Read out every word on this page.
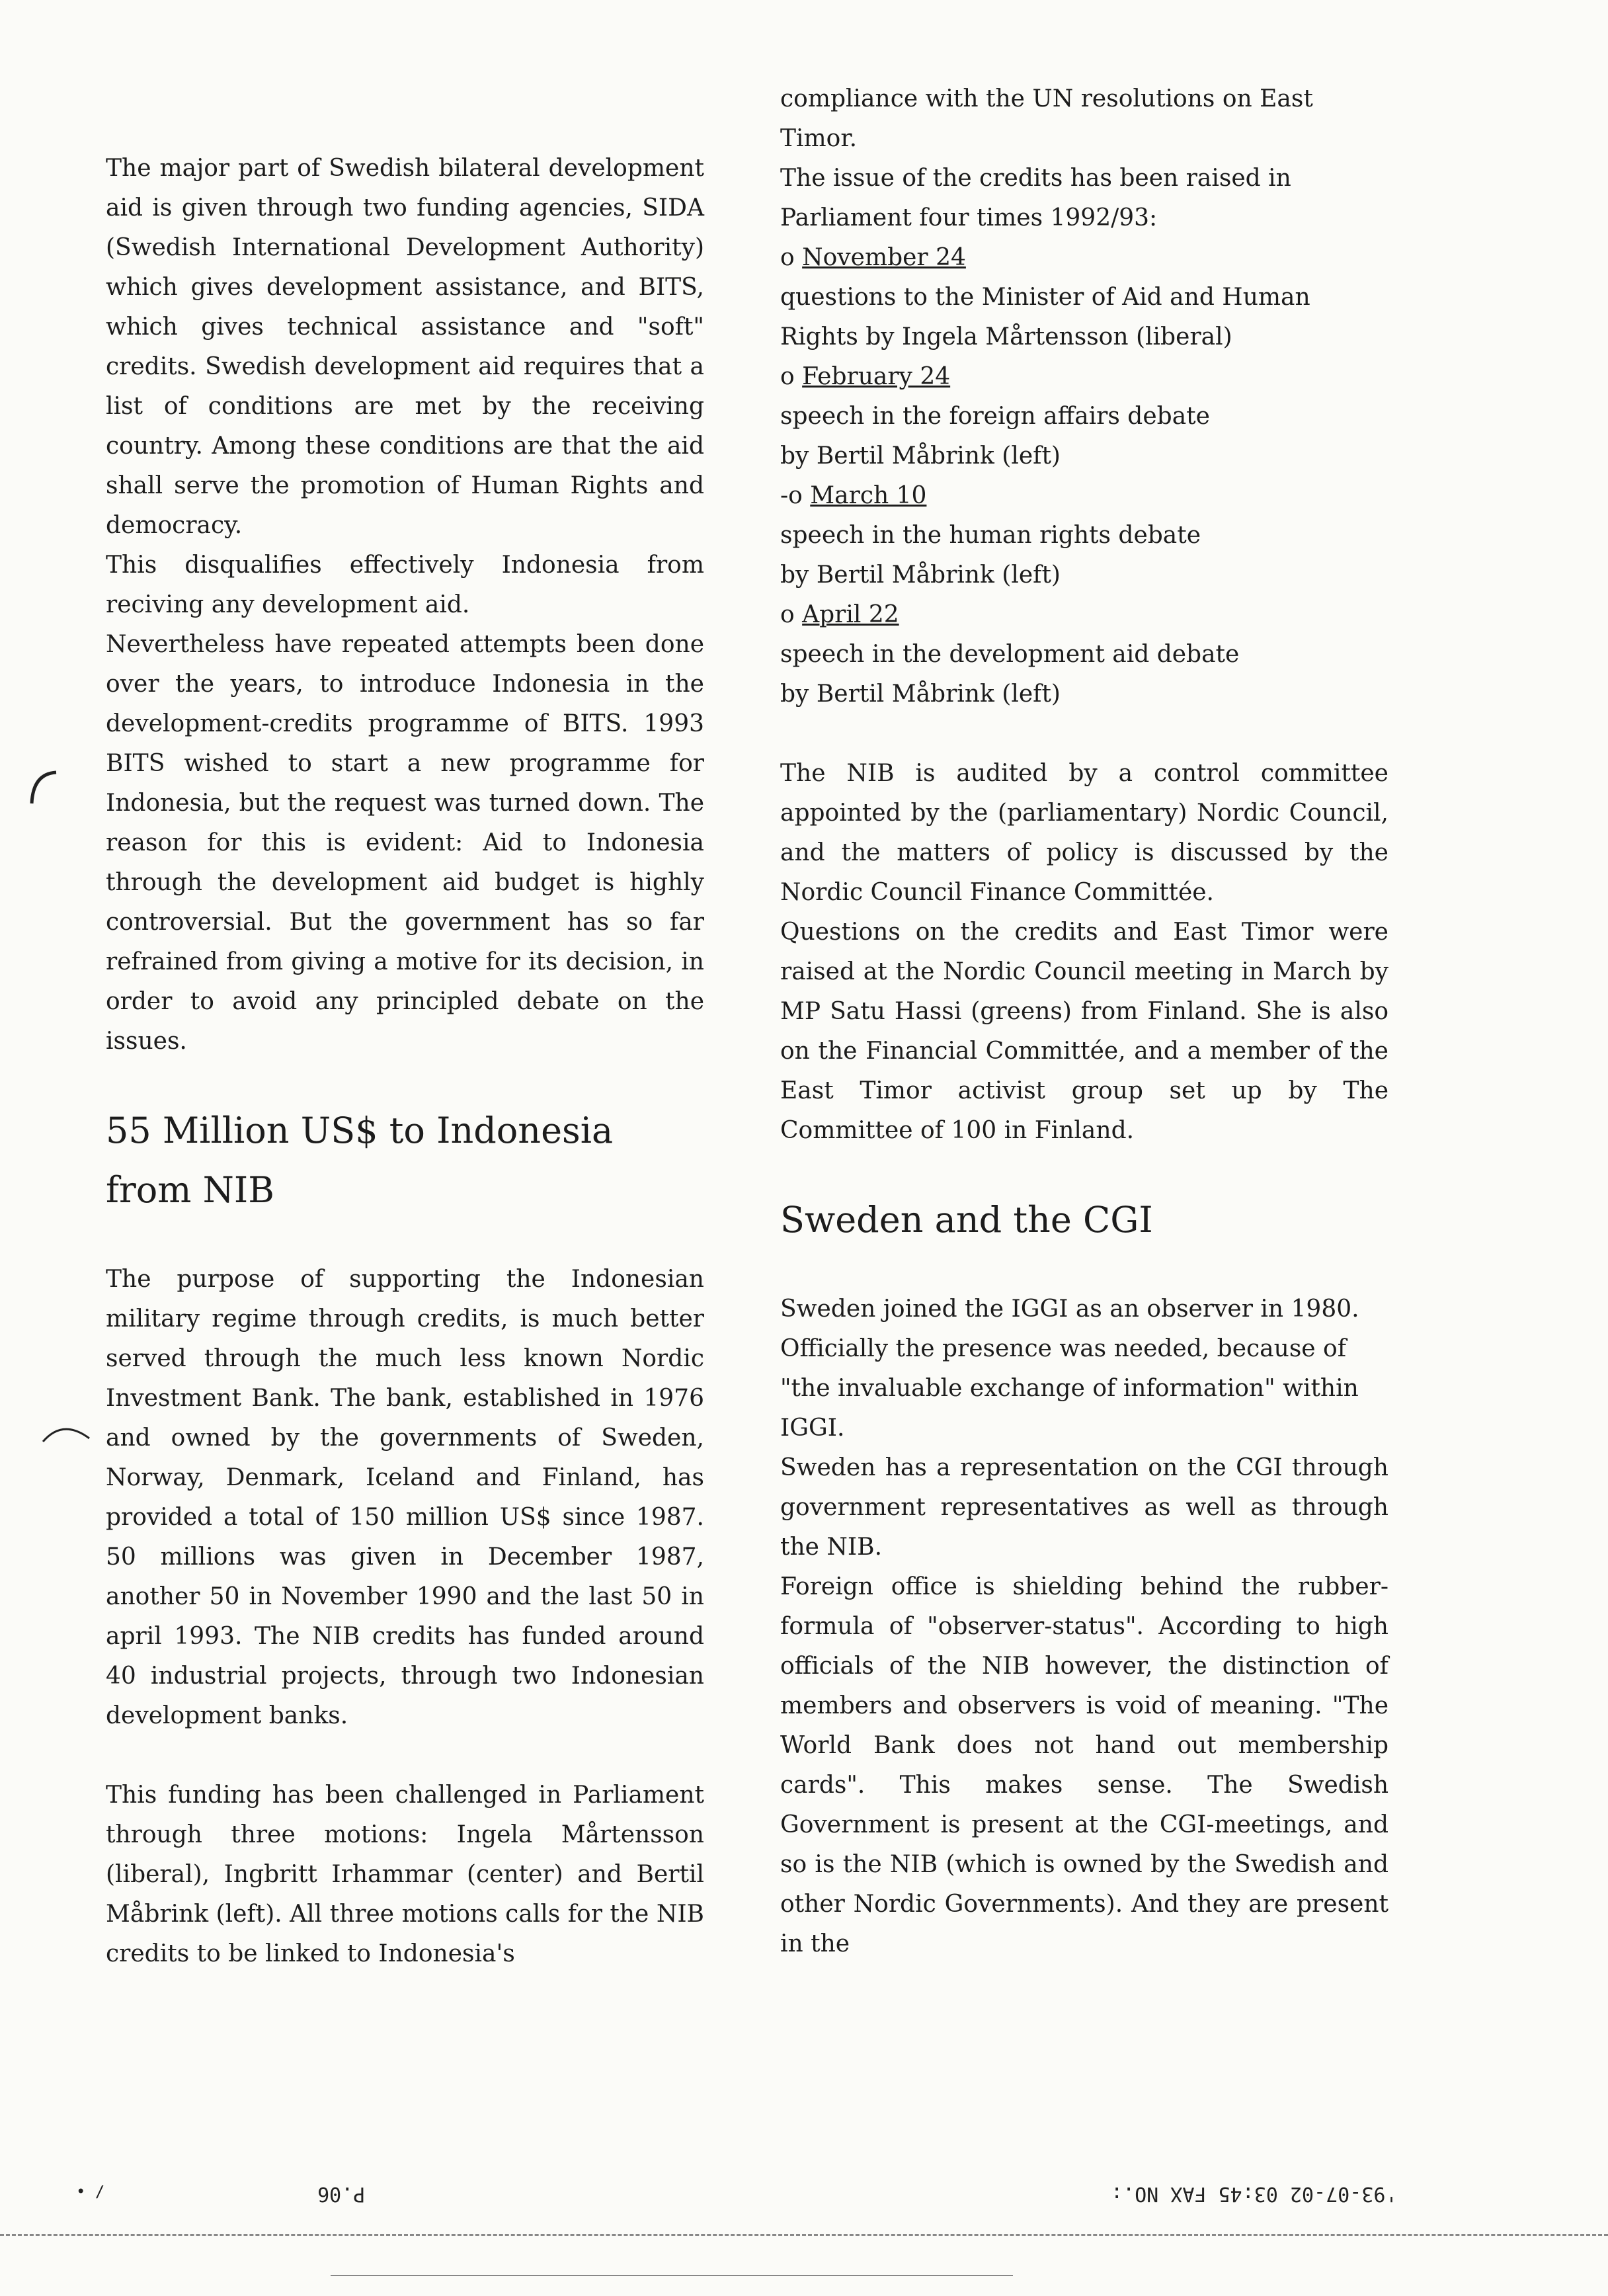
The major part of Swedish bilateral development aid is given through two funding agencies, SIDA (Swedish International Development Authority) which gives development assistance, and BITS, which gives technical assistance and "soft" credits. Swedish development aid requires that a list of conditions are met by the receiving country. Among these conditions are that the aid shall serve the promotion of Human Rights and democracy.

This disqualifies effectively Indonesia from reciving any development aid.

Nevertheless have repeated attempts been done over the years, to introduce Indonesia in the development-credits programme of BITS. 1993 BITS wished to start a new programme for Indonesia, but the request was turned down. The reason for this is evident: Aid to Indonesia through the development aid budget is highly controversial. But the government has so far refrained from giving a motive for its decision, in order to avoid any principled debate on the issues.

55 Million US$ to Indonesia from NIB

The purpose of supporting the Indonesian military regime through credits, is much better served through the much less known Nordic Investment Bank. The bank, established in 1976 and owned by the governments of Sweden, Norway, Denmark, Iceland and Finland, has provided a total of 150 million US$ since 1987. 50 millions was given in December 1987, another 50 in November 1990 and the last 50 in april 1993. The NIB credits has funded around 40 industrial projects, through two Indonesian development banks.

This funding has been challenged in Parliament through three motions: Ingela Mårtensson (liberal), Ingbritt Irhammar (center) and Bertil Måbrink (left). All three motions calls for the NIB credits to be linked to Indonesia's

compliance with the UN resolutions on East Timor.

The issue of the credits has been raised in Parliament four times 1992/93:

o November 24

questions to the Minister of Aid and Human Rights by Ingela Mårtensson (liberal)

o February 24

speech in the foreign affairs debate

by Bertil Måbrink (left)

-o March 10

speech in the human rights debate

by Bertil Måbrink (left)

o April 22

speech in the development aid debate

by Bertil Måbrink (left)

The NIB is audited by a control committee appointed by the (parliamentary) Nordic Council, and the matters of policy is discussed by the Nordic Council Finance Committée.

Questions on the credits and East Timor were raised at the Nordic Council meeting in March by MP Satu Hassi (greens) from Finland. She is also on the Financial Committée, and a member of the East Timor activist group set up by The Committee of 100 in Finland.

Sweden and the CGI

Sweden joined the IGGI as an observer in 1980.

Officially the presence was needed, because of "the invaluable exchange of information" within IGGI.

Sweden has a representation on the CGI through government representatives as well as through the NIB.

Foreign office is shielding behind the rubber-formula of "observer-status". According to high officials of the NIB however, the distinction of members and observers is void of meaning. "The World Bank does not hand out membership cards". This makes sense. The Swedish Government is present at the CGI-meetings, and so is the NIB (which is owned by the Swedish and other Nordic Governments). And they are present in the

• /	P.06	'93-07-02 03:45 FAX NO.:
